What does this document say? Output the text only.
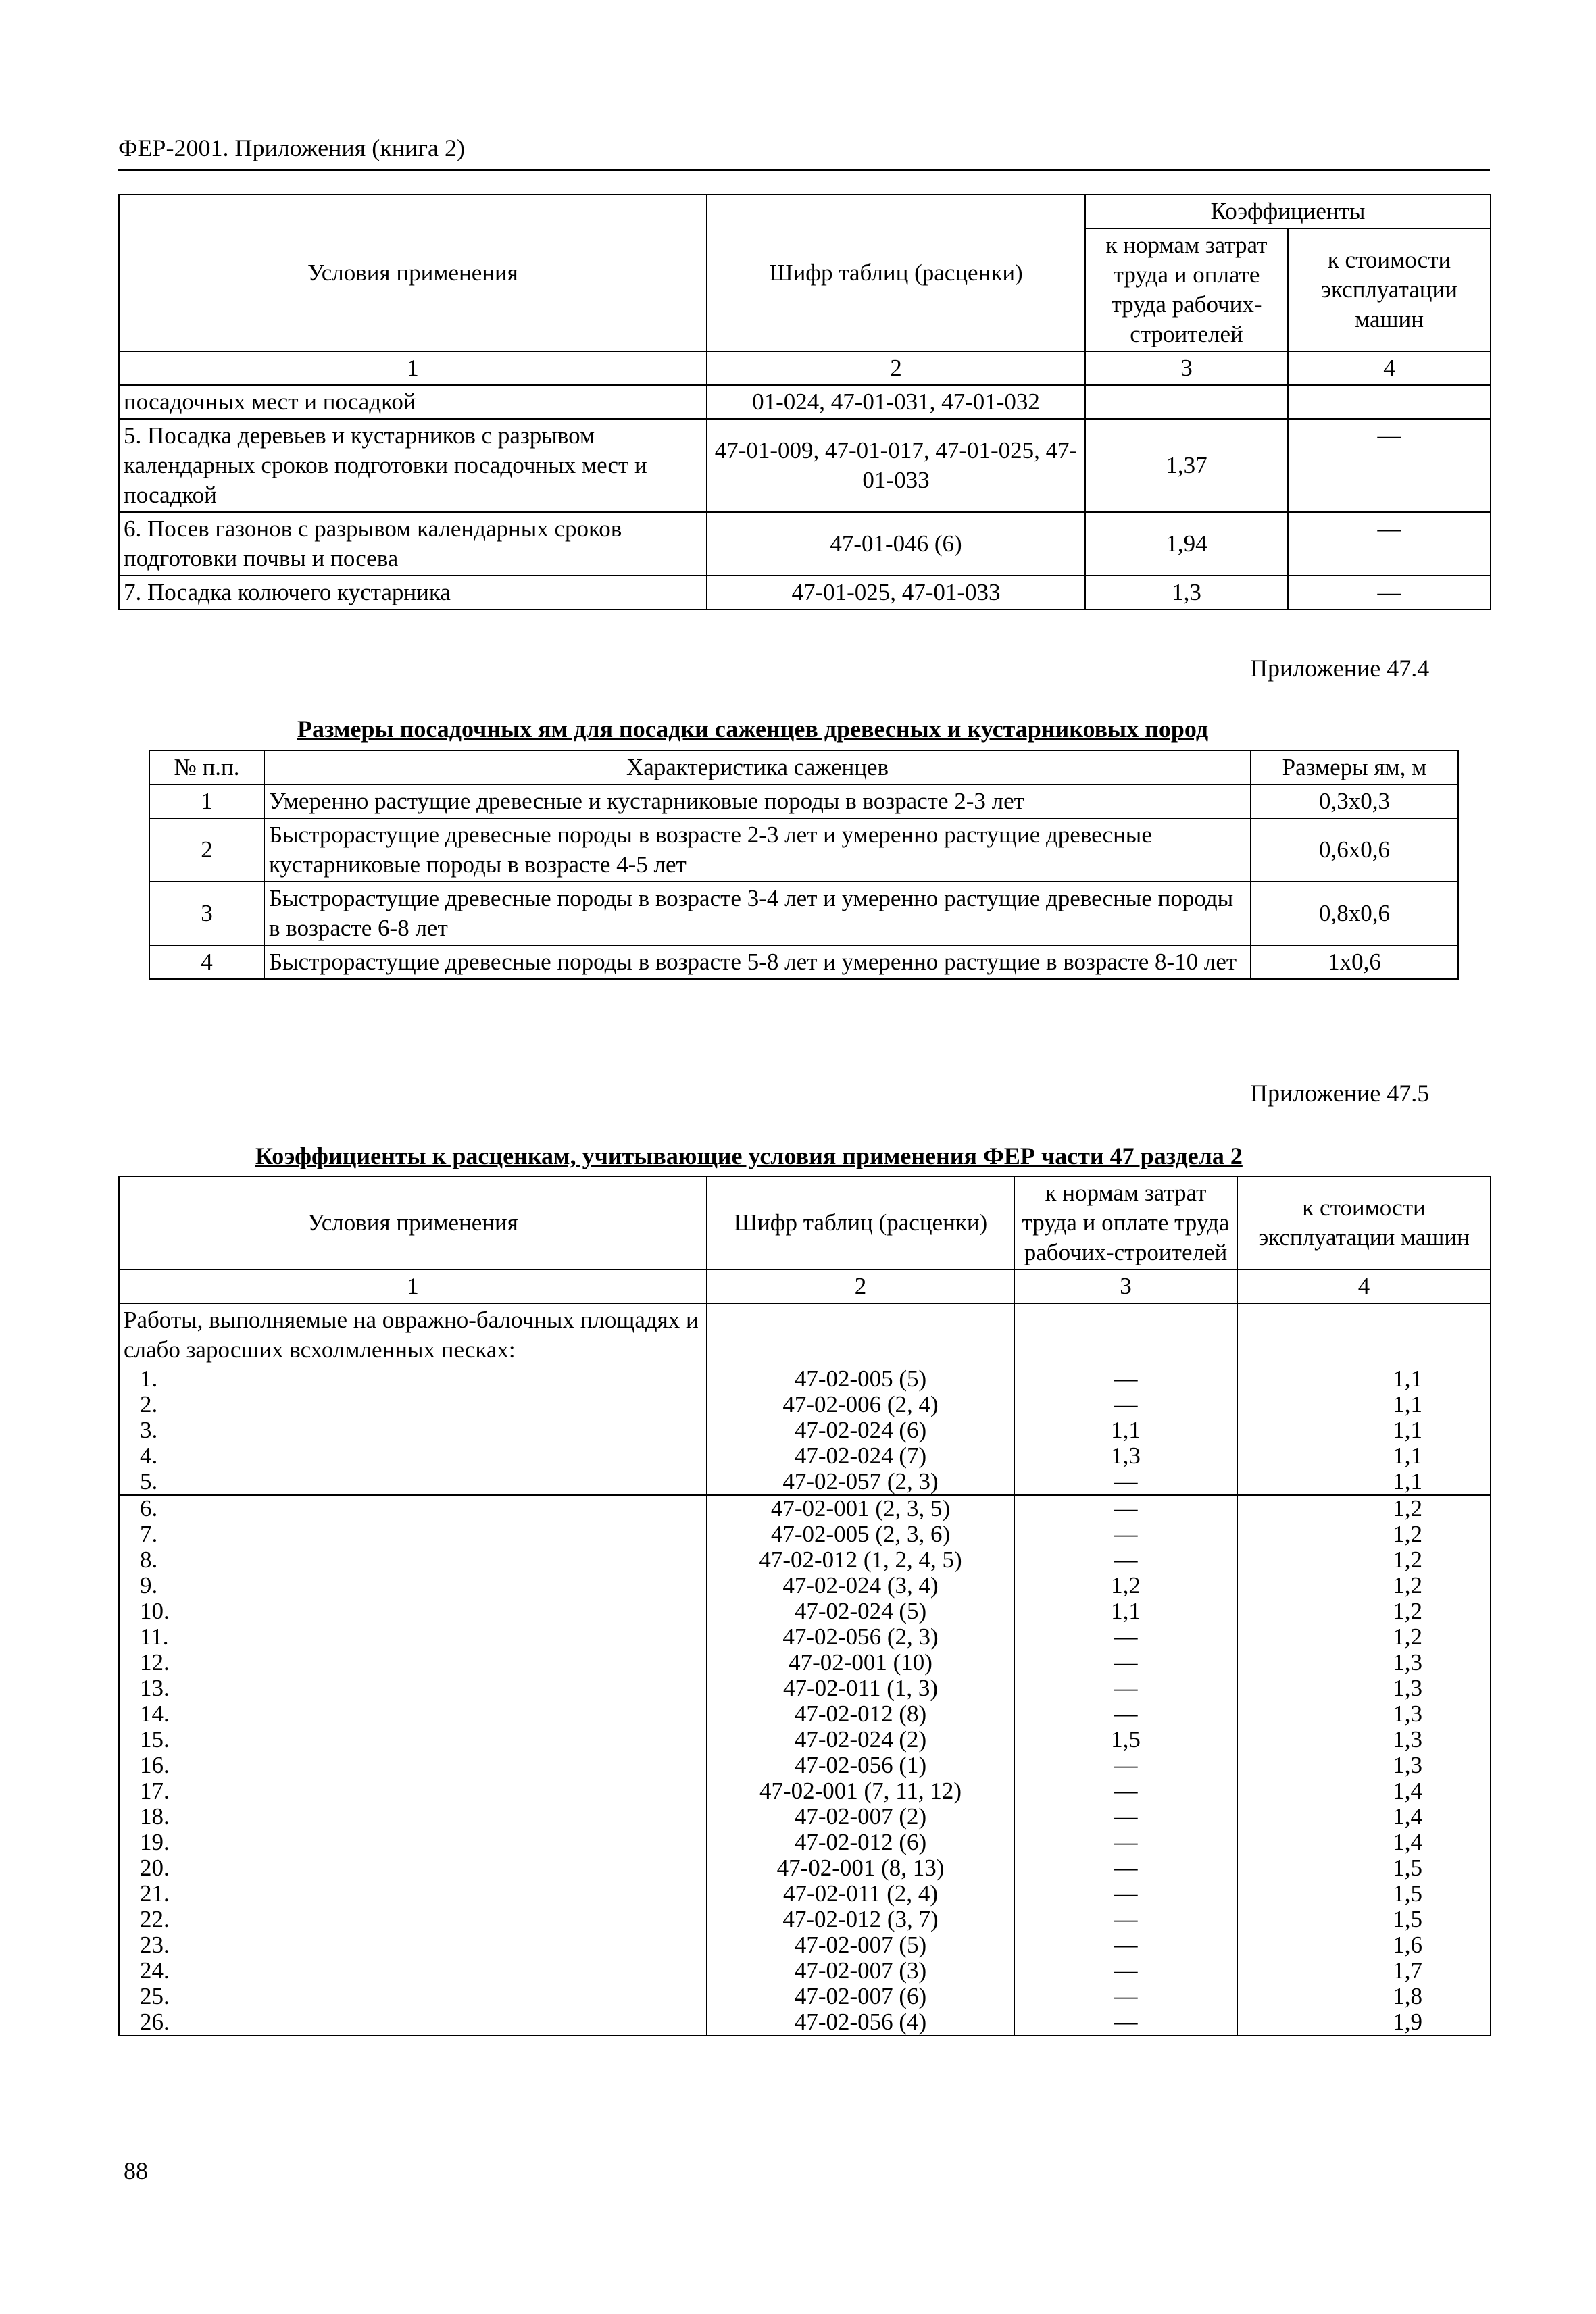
ФЕР-2001. Приложения (книга 2)
Условия применения	Шифр таблиц (расценки)	Коэффициенты	
		к нормам затрат труда и оплате труда рабочих-строителей	к стоимости эксплуатации машин
1	2	3	4
посадочных мест и посадкой	01-024, 47-01-031, 47-01-032		
5. Посадка деревьев и кустарников с разрывом календарных сроков подготовки посадочных мест и посадкой	47-01-009, 47-01-017, 47-01-025, 47-01-033	1,37	—
6. Посев газонов с разрывом календарных сроков подготовки почвы и посева	47-01-046 (6)	1,94	—
7. Посадка колючего кустарника	47-01-025, 47-01-033	1,3	—
Приложение 47.4
Размеры посадочных ям для посадки саженцев древесных и кустарниковых пород
№ п.п.	Характеристика саженцев	Размеры ям, м
1	Умеренно растущие древесные и кустарниковые породы в возрасте 2-3 лет	0,3х0,3
2	Быстрорастущие древесные породы в возрасте 2-3 лет и умеренно растущие древесные кустарниковые породы в возрасте 4-5 лет	0,6х0,6
3	Быстрорастущие древесные породы в возрасте 3-4 лет и умеренно растущие древесные породы в возрасте 6-8 лет	0,8х0,6
4	Быстрорастущие древесные породы в возрасте 5-8 лет и умеренно растущие в возрасте 8-10 лет	1х0,6
Приложение 47.5
Коэффициенты к расценкам, учитывающие условия применения ФЕР части 47 раздела 2
Условия применения	Шифр таблиц (расценки)	к нормам затрат труда и оплате труда рабочих-строителей	к стоимости эксплуатации машин
1	2	3	4
Работы, выполняемые на овражно-балочных площадях и слабо заросших всхолмленных песках:			
1.	47-02-005 (5)	—	1,1
2.	47-02-006 (2, 4)	—	1,1
3.	47-02-024 (6)	1,1	1,1
4.	47-02-024 (7)	1,3	1,1
5.	47-02-057 (2, 3)	—	1,1
6.	47-02-001 (2, 3, 5)	—	1,2
7.	47-02-005 (2, 3, 6)	—	1,2
8.	47-02-012 (1, 2, 4, 5)	—	1,2
9.	47-02-024 (3, 4)	1,2	1,2
10.	47-02-024 (5)	1,1	1,2
11.	47-02-056 (2, 3)	—	1,2
12.	47-02-001 (10)	—	1,3
13.	47-02-011 (1, 3)	—	1,3
14.	47-02-012 (8)	—	1,3
15.	47-02-024 (2)	1,5	1,3
16.	47-02-056 (1)	—	1,3
17.	47-02-001 (7, 11, 12)	—	1,4
18.	47-02-007 (2)	—	1,4
19.	47-02-012 (6)	—	1,4
20.	47-02-001 (8, 13)	—	1,5
21.	47-02-011 (2, 4)	—	1,5
22.	47-02-012 (3, 7)	—	1,5
23.	47-02-007 (5)	—	1,6
24.	47-02-007 (3)	—	1,7
25.	47-02-007 (6)	—	1,8
26.	47-02-056 (4)	—	1,9
88
